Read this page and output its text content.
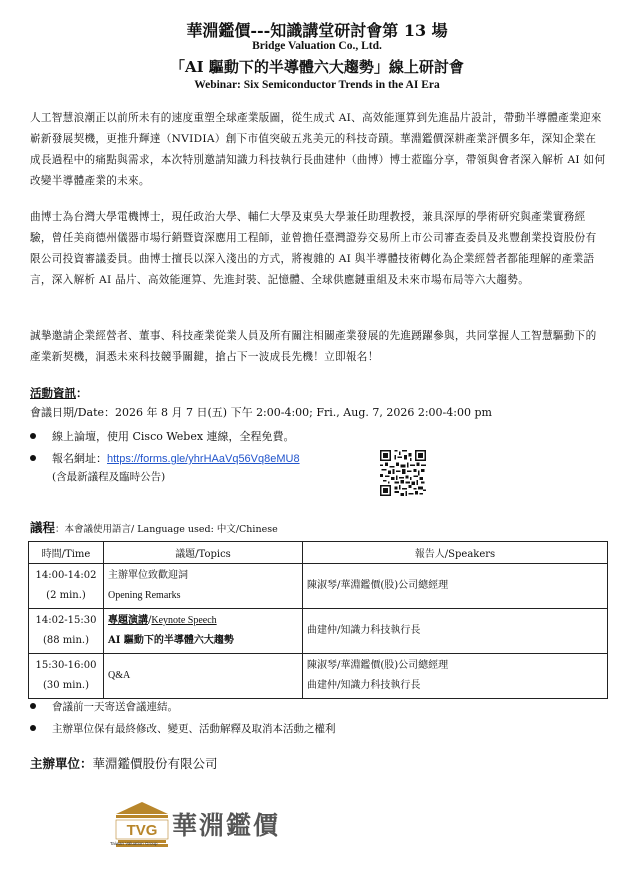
華淵鑑價---知識講堂研討會第 13 場
Bridge Valuation Co., Ltd.
「AI 驅動下的半導體六大趨勢」線上研討會
Webinar: Six Semiconductor Trends in the AI Era
人工智慧浪潮正以前所未有的速度重塑全球產業版圖，從生成式 AI、高效能運算到先進晶片設計，帶動半導體產業迎來嶄新發展契機，更推升輝達（NVIDIA）創下市值突破五兆美元的科技奇蹟。華淵鑑價深耕產業評價多年，深知企業在成長過程中的痛點與需求，本次特別邀請知識力科技執行長曲建仲（曲博）博士蒞臨分享，帶領與會者深入解析 AI 如何改變半導體產業的未來。
曲博士為台灣大學電機博士，現任政治大學、輔仁大學及東吳大學兼任助理教授，兼具深厚的學術研究與產業實務經驗，曾任美商德州儀器市場行銷暨資深應用工程師，並曾擔任臺灣證券交易所上市公司審查委員及兆豐創業投資股份有限公司投資審議委員。曲博士擅長以深入淺出的方式，將複雜的 AI 與半導體技術轉化為企業經營者都能理解的產業語言，深入解析 AI 晶片、高效能運算、先進封裝、記憶體、全球供應鏈重組及未來市場布局等六大趨勢。
誠摯邀請企業經營者、董事、科技產業從業人員及所有關注相關產業發展的先進踴躍參與，共同掌握人工智慧驅動下的產業新契機，洞悉未來科技競爭關鍵，搶占下一波成長先機！立即報名！
活動資訊：
會議日期/Date：2026 年 8 月 7 日(五) 下午 2:00-4:00; Fri., Aug. 7, 2026 2:00-4:00 pm
線上論壇，使用 Cisco Webex 連線，全程免費。
報名網址：https://forms.gle/yhrHAaVq56Vq8eMU8
(含最新議程及臨時公告)
議程：本會議使用語言/ Language used: 中文/Chinese
時間/Time	議題/Topics	報告人/Speakers

14:00-14:02
(2 min.)	主辦單位致歡迎詞
Opening Remarks	陳淑琴/華淵鑑價(股)公司總經理

14:02-15:30
(88 min.)	專題演講/Keynote Speech
AI 驅動下的半導體六大趨勢	曲建仲/知識力科技執行長

15:30-16:00
(30 min.)	Q&A	陳淑琴/華淵鑑價(股)公司總經理
曲建仲/知識力科技執行長
會議前一天寄送會議連結。
主辦單位保有最終修改、變更、活動解釋及取消本活動之權利
主辦單位：華淵鑑價股份有限公司
TVG 華淵鑑價
Taiwan Valuation Group
